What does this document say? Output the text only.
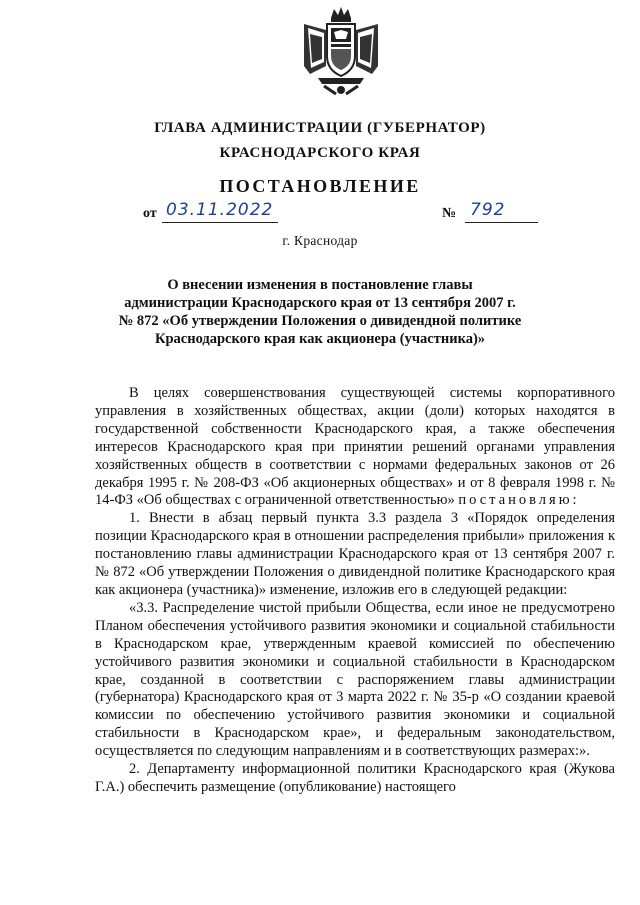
ГЛАВА АДМИНИСТРАЦИИ (ГУБЕРНАТОР)
КРАСНОДАРСКОГО КРАЯ
ПОСТАНОВЛЕНИЕ
от 03.11.2022	№ 792
г. Краснодар
О внесении изменения в постановление главы
администрации Краснодарского края от 13 сентября 2007 г.
№ 872 «Об утверждении Положения о дивидендной политике
Краснодарского края как акционера (участника)»

В целях совершенствования существующей системы корпоративного управления в хозяйственных обществах, акции (доли) которых находятся в государственной собственности Краснодарского края, а также обеспечения интересов Краснодарского края при принятии решений органами управления хозяйственных обществ в соответствии с нормами федеральных законов от 26 декабря 1995 г. № 208-ФЗ «Об акционерных обществах» и от 8 февраля 1998 г. № 14-ФЗ «Об обществах с ограниченной ответственностью» постановляю:

1. Внести в абзац первый пункта 3.3 раздела 3 «Порядок определения позиции Краснодарского края в отношении распределения прибыли» приложения к постановлению главы администрации Краснодарского края от 13 сентября 2007 г. № 872 «Об утверждении Положения о дивидендной политике Краснодарского края как акционера (участника)» изменение, изложив его в следующей редакции:

«3.3. Распределение чистой прибыли Общества, если иное не предусмотрено Планом обеспечения устойчивого развития экономики и социальной стабильности в Краснодарском крае, утвержденным краевой комиссией по обеспечению устойчивого развития экономики и социальной стабильности в Краснодарском крае, созданной в соответствии с распоряжением главы администрации (губернатора) Краснодарского края от 3 марта 2022 г. № 35-р «О создании краевой комиссии по обеспечению устойчивого развития экономики и социальной стабильности в Краснодарском крае», и федеральным законодательством, осуществляется по следующим направлениям и в соответствующих размерах:».

2. Департаменту информационной политики Краснодарского края (Жукова Г.А.) обеспечить размещение (опубликование) настоящего
